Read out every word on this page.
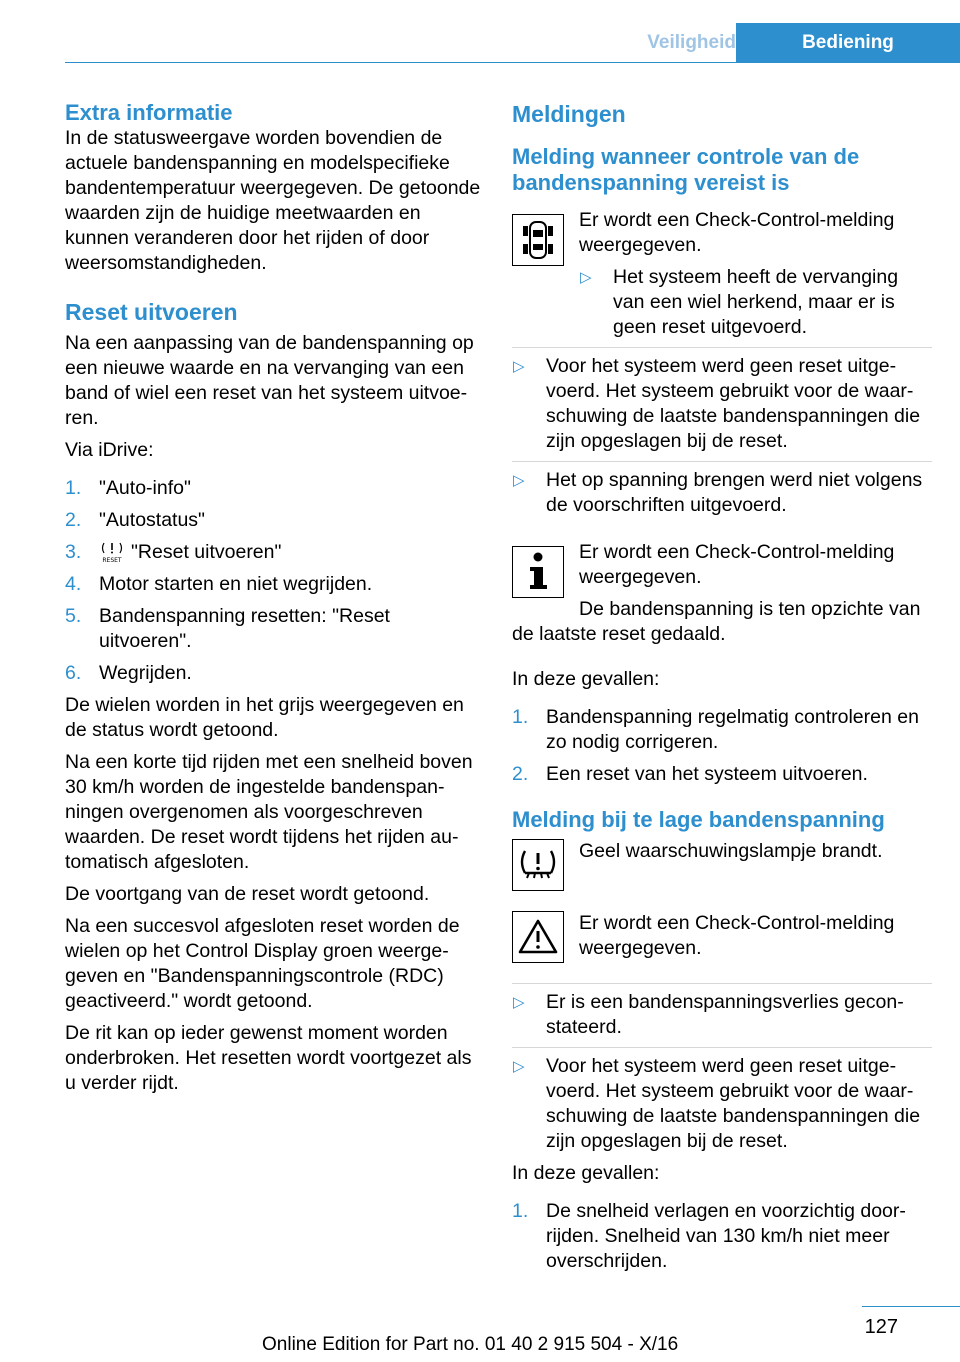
Veiligheid	Bediening
Extra informatie

In de statusweergave worden bovendien de actuele bandenspanning en modelspecifieke bandentemperatuur weergegeven. De getoonde waarden zijn de huidige meetwaarden en kunnen veranderen door het rijden of door weersomstandigheden.

Reset uitvoeren

Na een aanpassing van de bandenspanning op een nieuwe waarde en na vervanging van een band of wiel een reset van het systeem uitvoeren.

Via iDrive:

1. "Auto-info"
2. "Autostatus"
3.	RESET "Reset uitvoeren"
4. Motor starten en niet wegrijden.
5. Bandenspanning resetten: "Reset uitvoeren".
6. Wegrijden.

De wielen worden in het grijs weergegeven en de status wordt getoond.

Na een korte tijd rijden met een snelheid boven 30 km/h worden de ingestelde bandenspanningen overgenomen als voorgeschreven waarden. De reset wordt tijdens het rijden automatisch afgesloten.

De voortgang van de reset wordt getoond.

Na een succesvol afgesloten reset worden de wielen op het Control Display groen weergegeven en "Bandenspanningscontrole (RDC) geactiveerd." wordt getoond.

De rit kan op ieder gewenst moment worden onderbroken. Het resetten wordt voortgezet als u verder rijdt.

Meldingen
Melding wanneer controle van de bandenspanning vereist is

Er wordt een Check-Control-melding weergegeven.

▷ Het systeem heeft de vervanging van een wiel herkend, maar er is geen reset uitgevoerd.
▷ Voor het systeem werd geen reset uitgevoerd. Het systeem gebruikt voor de waarschuwing de laatste bandenspanningen die zijn opgeslagen bij de reset.
▷ Het op spanning brengen werd niet volgens de voorschriften uitgevoerd.

Er wordt een Check-Control-melding weergegeven.

De bandenspanning is ten opzichte van de laatste reset gedaald.

In deze gevallen:

1. Bandenspanning regelmatig controleren en zo nodig corrigeren.
2. Een reset van het systeem uitvoeren.
Melding bij te lage bandenspanning

Geel waarschuwingslampje brandt.

Er wordt een Check-Control-melding weergegeven.

▷ Er is een bandenspanningsverlies geconstateerd.
▷ Voor het systeem werd geen reset uitgevoerd. Het systeem gebruikt voor de waarschuwing de laatste bandenspanningen die zijn opgeslagen bij de reset.

In deze gevallen:

1. De snelheid verlagen en voorzichtig doorrijden. Snelheid van 130 km/h niet meer overschrijden.
127
Online Edition for Part no. 01 40 2 915 504 - X/16
